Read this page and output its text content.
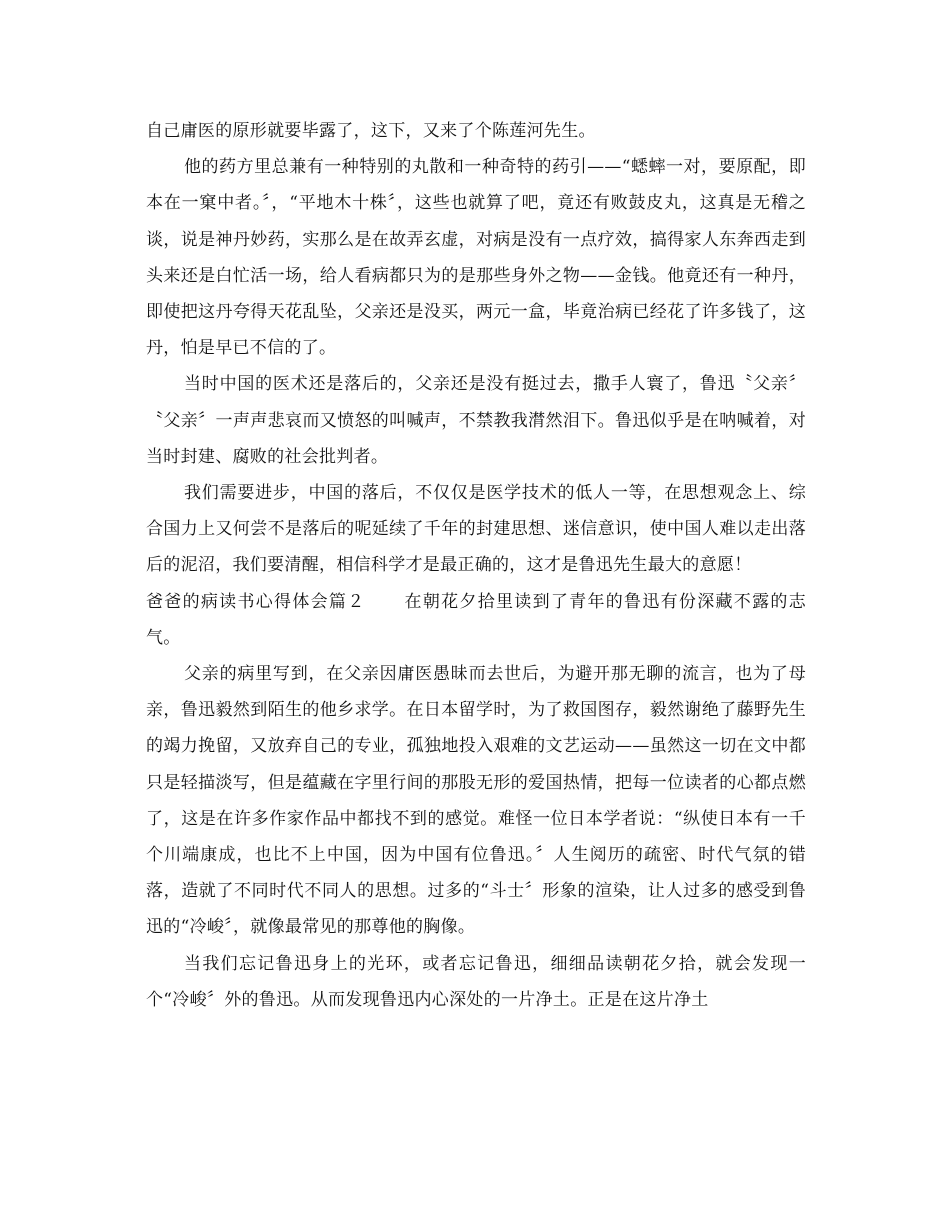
自己庸医的原形就要毕露了，这下，又来了个陈莲河先生。

他的药方里总兼有一种特别的丸散和一种奇特的药引——“蟋蟀一对，要原配，即本在一窠中者。〞，“平地木十株〞，这些也就算了吧，竟还有败鼓皮丸，这真是无稽之谈，说是神丹妙药，实那么是在故弄玄虚，对病是没有一点疗效，搞得家人东奔西走到头来还是白忙活一场，给人看病都只为的是那些身外之物——金钱。他竟还有一种丹，即使把这丹夸得天花乱坠，父亲还是没买，两元一盒，毕竟治病已经花了许多钱了，这丹，怕是早已不信的了。

当时中国的医术还是落后的，父亲还是没有挺过去，撒手人寰了，鲁迅〝父亲〞〝父亲〞一声声悲哀而又愤怒的叫喊声，不禁教我潸然泪下。鲁迅似乎是在呐喊着，对当时封建、腐败的社会批判者。

我们需要进步，中国的落后，不仅仅是医学技术的低人一等，在思想观念上、综合国力上又何尝不是落后的呢延续了千年的封建思想、迷信意识，使中国人难以走出落后的泥沼，我们要清醒，相信科学才是最正确的，这才是鲁迅先生最大的意愿！

爸爸的病读书心得体会篇２ 在朝花夕拾里读到了青年的鲁迅有份深藏不露的志气。

父亲的病里写到，在父亲因庸医愚昧而去世后，为避开那无聊的流言，也为了母亲，鲁迅毅然到陌生的他乡求学。在日本留学时，为了救国图存，毅然谢绝了藤野先生的竭力挽留，又放弃自己的专业，孤独地投入艰难的文艺运动——虽然这一切在文中都只是轻描淡写，但是蕴藏在字里行间的那股无形的爱国热情，把每一位读者的心都点燃了，这是在许多作家作品中都找不到的感觉。难怪一位日本学者说：“纵使日本有一千个川端康成，也比不上中国，因为中国有位鲁迅。〞人生阅历的疏密、时代气氛的错落，造就了不同时代不同人的思想。过多的“斗士〞形象的渲染，让人过多的感受到鲁迅的“冷峻〞，就像最常见的那尊他的胸像。

当我们忘记鲁迅身上的光环，或者忘记鲁迅，细细品读朝花夕拾，就会发现一个“冷峻〞外的鲁迅。从而发现鲁迅内心深处的一片净土。正是在这片净土
